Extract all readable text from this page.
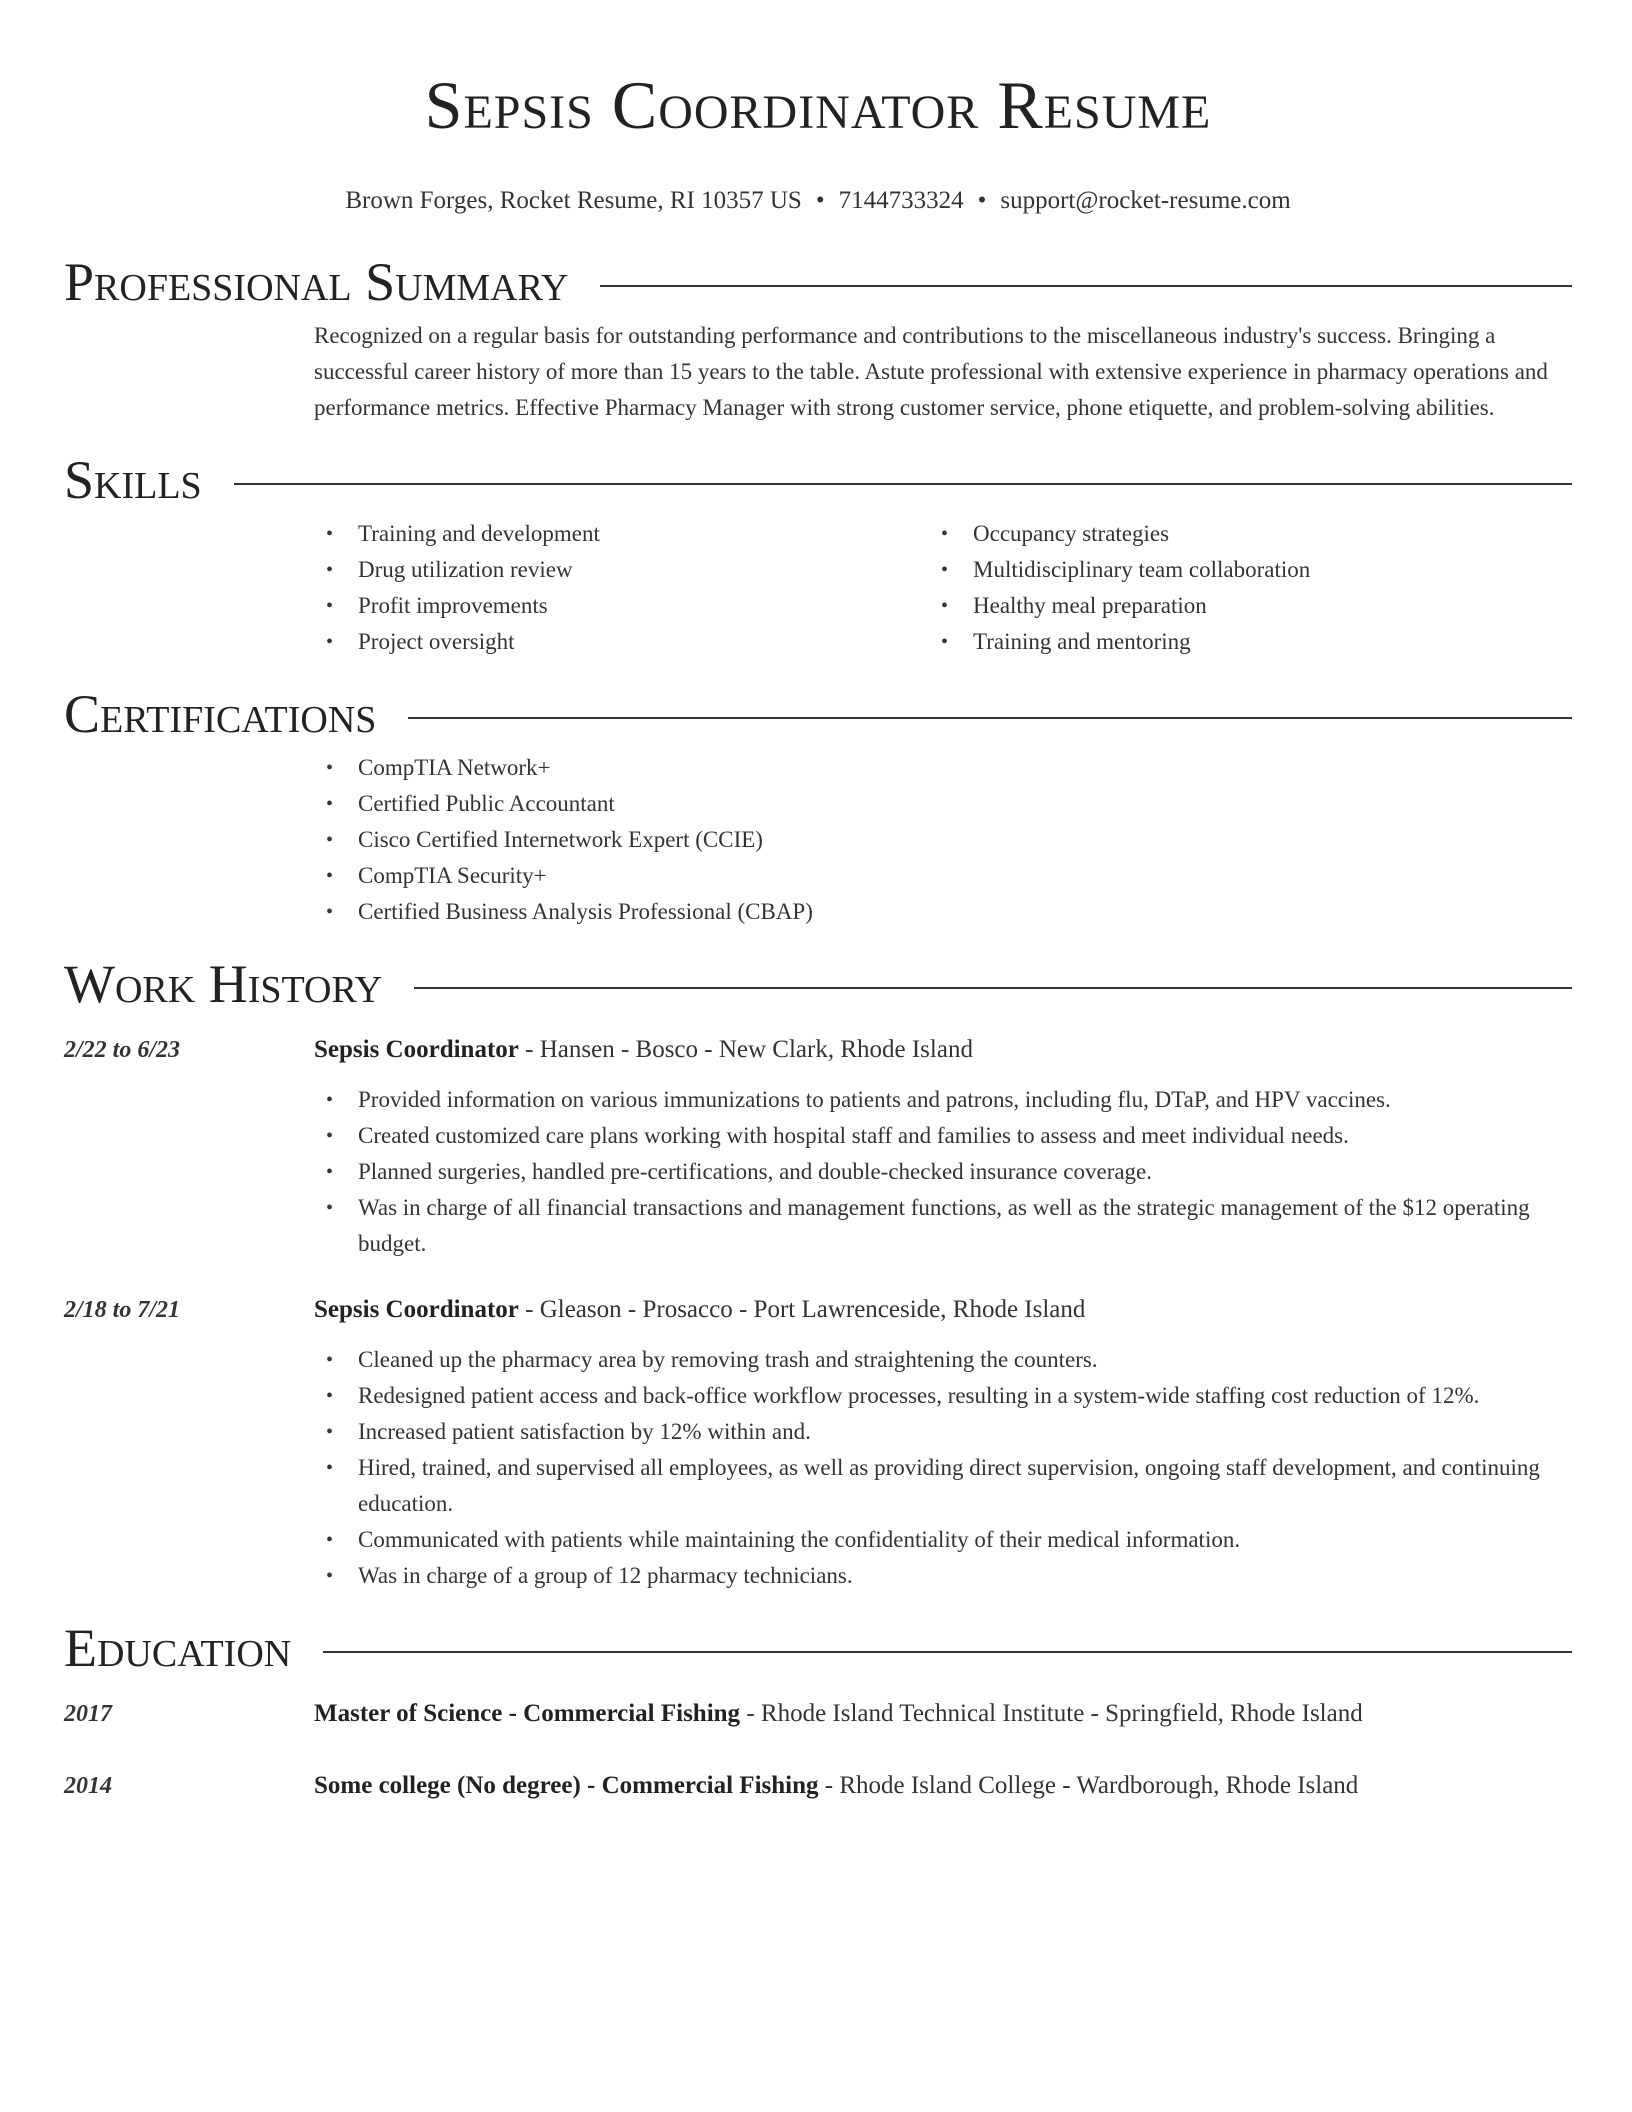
Sepsis Coordinator Resume
Brown Forges, Rocket Resume, RI 10357 US • 7144733324 • support@rocket-resume.com
Professional Summary
Recognized on a regular basis for outstanding performance and contributions to the miscellaneous industry's success. Bringing a successful career history of more than 15 years to the table. Astute professional with extensive experience in pharmacy operations and performance metrics. Effective Pharmacy Manager with strong customer service, phone etiquette, and problem-solving abilities.
Skills
• Training and development
• Drug utilization review
• Profit improvements
• Project oversight
• Occupancy strategies
• Multidisciplinary team collaboration
• Healthy meal preparation
• Training and mentoring
Certifications
• CompTIA Network+
• Certified Public Accountant
• Cisco Certified Internetwork Expert (CCIE)
• CompTIA Security+
• Certified Business Analysis Professional (CBAP)
Work History
2/22 to 6/23	Sepsis Coordinator - Hansen - Bosco - New Clark, Rhode Island
• Provided information on various immunizations to patients and patrons, including flu, DTaP, and HPV vaccines.
• Created customized care plans working with hospital staff and families to assess and meet individual needs.
• Planned surgeries, handled pre-certifications, and double-checked insurance coverage.
• Was in charge of all financial transactions and management functions, as well as the strategic management of the $12 operating budget.
2/18 to 7/21	Sepsis Coordinator - Gleason - Prosacco - Port Lawrenceside, Rhode Island
• Cleaned up the pharmacy area by removing trash and straightening the counters.
• Redesigned patient access and back-office workflow processes, resulting in a system-wide staffing cost reduction of 12%.
• Increased patient satisfaction by 12% within and.
• Hired, trained, and supervised all employees, as well as providing direct supervision, ongoing staff development, and continuing education.
• Communicated with patients while maintaining the confidentiality of their medical information.
• Was in charge of a group of 12 pharmacy technicians.
Education
2017	Master of Science - Commercial Fishing - Rhode Island Technical Institute - Springfield, Rhode Island
2014	Some college (No degree) - Commercial Fishing - Rhode Island College - Wardborough, Rhode Island
